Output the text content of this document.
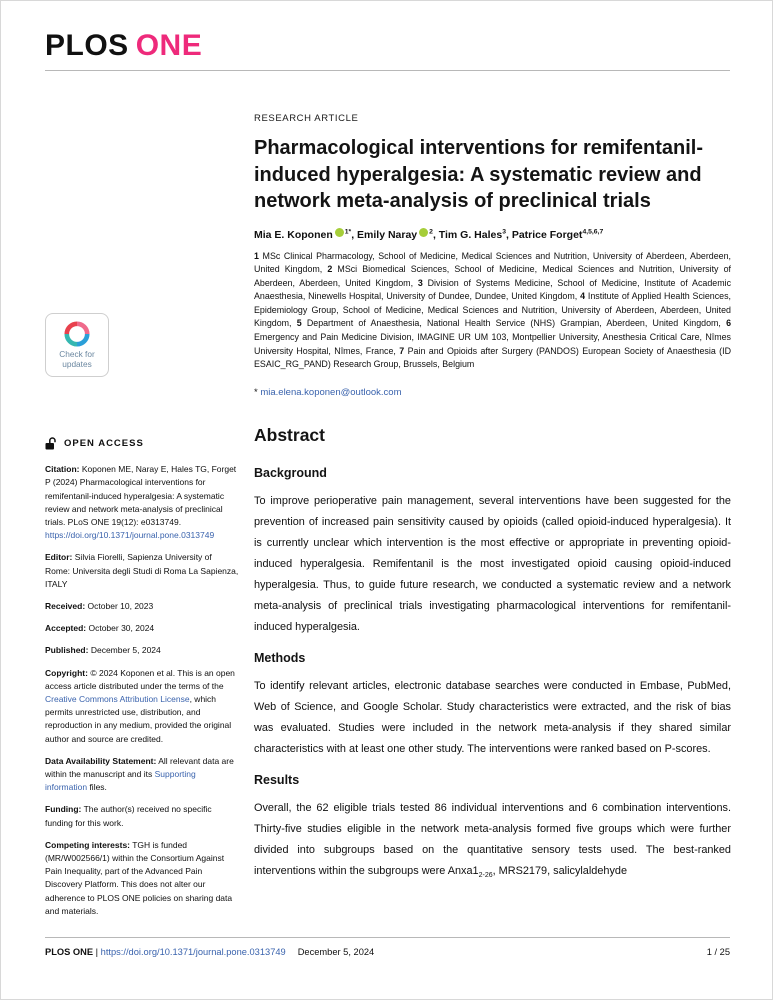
PLOS ONE
Check for
updates
OPEN ACCESS

Citation: Koponen ME, Naray E, Hales TG, Forget P (2024) Pharmacological interventions for remifentanil-induced hyperalgesia: A systematic review and network meta-analysis of preclinical trials. PLoS ONE 19(12): e0313749. https://doi.org/10.1371/journal.pone.0313749

Editor: Silvia Fiorelli, Sapienza University of Rome: Universita degli Studi di Roma La Sapienza, ITALY

Received: October 10, 2023

Accepted: October 30, 2024

Published: December 5, 2024

Copyright: © 2024 Koponen et al. This is an open access article distributed under the terms of the Creative Commons Attribution License, which permits unrestricted use, distribution, and reproduction in any medium, provided the original author and source are credited.

Data Availability Statement: All relevant data are within the manuscript and its Supporting information files.

Funding: The author(s) received no specific funding for this work.

Competing interests: TGH is funded (MR/W002566/1) within the Consortium Against Pain Inequality, part of the Advanced Pain Discovery Platform. This does not alter our adherence to PLOS ONE policies on sharing data and materials.

RESEARCH ARTICLE
Pharmacological interventions for remifentanil-induced hyperalgesia: A systematic review and network meta-analysis of preclinical trials

Mia E. Koponen $^{1*}$, Emily Naray $^2$, Tim G. Hales$^3$, Patrice Forget$^{4,5,6,7}$

1 MSc Clinical Pharmacology, School of Medicine, Medical Sciences and Nutrition, University of Aberdeen, Aberdeen, United Kingdom, 2 MSci Biomedical Sciences, School of Medicine, Medical Sciences and Nutrition, University of Aberdeen, Aberdeen, United Kingdom, 3 Division of Systems Medicine, School of Medicine, Institute of Academic Anaesthesia, Ninewells Hospital, University of Dundee, Dundee, United Kingdom, 4 Institute of Applied Health Sciences, Epidemiology Group, School of Medicine, Medical Sciences and Nutrition, University of Aberdeen, Aberdeen, United Kingdom, 5 Department of Anaesthesia, National Health Service (NHS) Grampian, Aberdeen, United Kingdom, 6 Emergency and Pain Medicine Division, IMAGINE UR UM 103, Montpellier University, Anesthesia Critical Care, Nîmes University Hospital, Nîmes, France, 7 Pain and Opioids after Surgery (PANDOS) European Society of Anaesthesia (ID ESAIC_RG_PAND) Research Group, Brussels, Belgium

* mia.elena.koponen@outlook.com

Abstract
Background

To improve perioperative pain management, several interventions have been suggested for the prevention of increased pain sensitivity caused by opioids (called opioid-induced hyperalgesia). It is currently unclear which intervention is the most effective or appropriate in preventing opioid-induced hyperalgesia. Remifentanil is the most investigated opioid causing opioid-induced hyperalgesia. Thus, to guide future research, we conducted a systematic review and a network meta-analysis of preclinical trials investigating pharmacological interventions for remifentanil-induced hyperalgesia.

Methods

To identify relevant articles, electronic database searches were conducted in Embase, PubMed, Web of Science, and Google Scholar. Study characteristics were extracted, and the risk of bias was evaluated. Studies were included in the network meta-analysis if they shared similar characteristics with at least one other study. The interventions were ranked based on P-scores.

Results

Overall, the 62 eligible trials tested 86 individual interventions and 6 combination interventions. Thirty-five studies eligible in the network meta-analysis formed five groups which were further divided into subgroups based on the quantitative sensory tests used. The best-ranked interventions within the subgroups were $Anxa1_{2-26}$, MRS2179, salicylaldehyde

PLOS ONE | https://doi.org/10.1371/journal.pone.0313749 December 5, 2024	1 / 25
